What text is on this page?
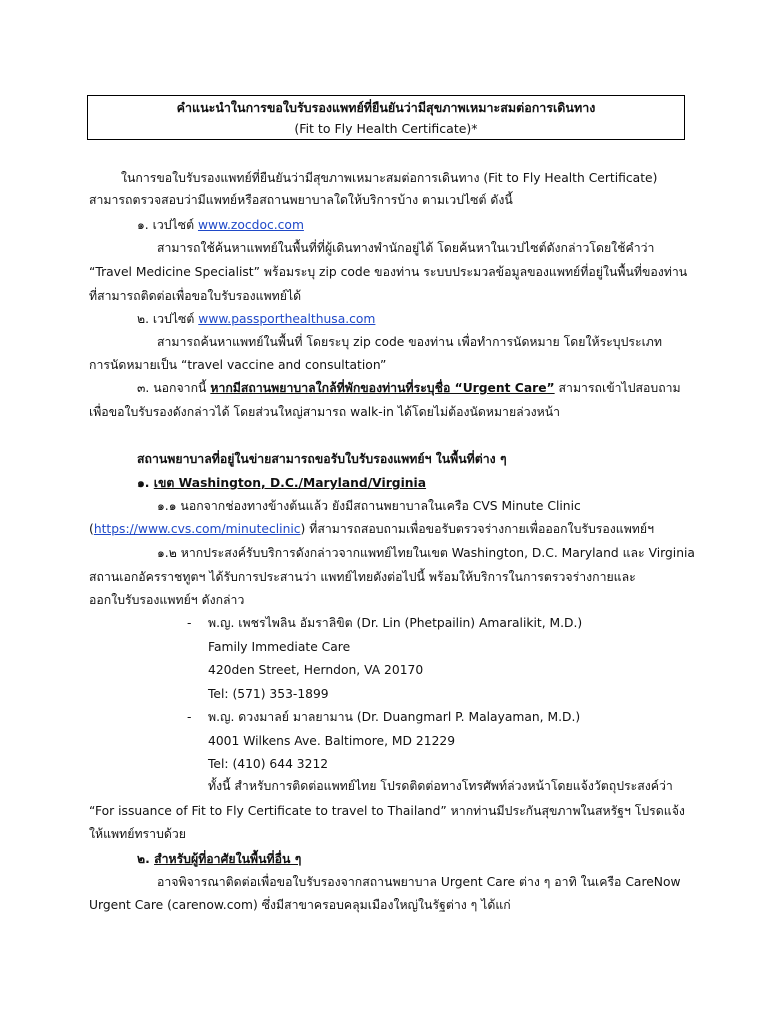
คำแนะนำในการขอใบรับรองแพทย์ที่ยืนยันว่ามีสุขภาพเหมาะสมต่อการเดินทาง
(Fit to Fly Health Certificate)*
ในการขอใบรับรองแพทย์ที่ยืนยันว่ามีสุขภาพเหมาะสมต่อการเดินทาง (Fit to Fly Health Certificate)
สามารถตรวจสอบว่ามีแพทย์หรือสถานพยาบาลใดให้บริการบ้าง ตามเวปไซต์ ดังนี้
๑. เวปไซต์ www.zocdoc.com
สามารถใช้ค้นหาแพทย์ในพื้นที่ที่ผู้เดินทางพำนักอยู่ได้ โดยค้นหาในเวปไซต์ดังกล่าวโดยใช้คำว่า
“Travel Medicine Specialist” พร้อมระบุ zip code ของท่าน ระบบประมวลข้อมูลของแพทย์ที่อยู่ในพื้นที่ของท่าน
ที่สามารถติดต่อเพื่อขอใบรับรองแพทย์ได้
๒. เวปไซต์ www.passporthealthusa.com
สามารถค้นหาแพทย์ในพื้นที่ โดยระบุ zip code ของท่าน เพื่อทำการนัดหมาย โดยให้ระบุประเภท
การนัดหมายเป็น “travel vaccine and consultation”
๓. นอกจากนี้ หากมีสถานพยาบาลใกล้ที่พักของท่านที่ระบุชื่อ “Urgent Care” สามารถเข้าไปสอบถาม
เพื่อขอใบรับรองดังกล่าวได้ โดยส่วนใหญ่สามารถ walk-in ได้โดยไม่ต้องนัดหมายล่วงหน้า
สถานพยาบาลที่อยู่ในข่ายสามารถขอรับใบรับรองแพทย์ฯ ในพื้นที่ต่าง ๆ
๑. เขต Washington, D.C./Maryland/Virginia
๑.๑ นอกจากช่องทางข้างต้นแล้ว ยังมีสถานพยาบาลในเครือ CVS Minute Clinic
(https://www.cvs.com/minuteclinic) ที่สามารถสอบถามเพื่อขอรับตรวจร่างกายเพื่อออกใบรับรองแพทย์ฯ
๑.๒ หากประสงค์รับบริการดังกล่าวจากแพทย์ไทยในเขต Washington, D.C. Maryland และ Virginia
สถานเอกอัครราชทูตฯ ได้รับการประสานว่า แพทย์ไทยดังต่อไปนี้ พร้อมให้บริการในการตรวจร่างกายและ
ออกใบรับรองแพทย์ฯ ดังกล่าว
- พ.ญ. เพชรไพลิน อัมราลิขิต (Dr. Lin (Phetpailin) Amaralikit, M.D.)
Family Immediate Care
420den Street, Herndon, VA 20170
Tel: (571) 353-1899
- พ.ญ. ดวงมาลย์ มาลยามาน (Dr. Duangmarl P. Malayaman, M.D.)
4001 Wilkens Ave. Baltimore, MD 21229
Tel: (410) 644 3212
ทั้งนี้ สำหรับการติดต่อแพทย์ไทย โปรดติดต่อทางโทรศัพท์ล่วงหน้าโดยแจ้งวัตถุประสงค์ว่า
“For issuance of Fit to Fly Certificate to travel to Thailand” หากท่านมีประกันสุขภาพในสหรัฐฯ โปรดแจ้ง
ให้แพทย์ทราบด้วย
๒. สำหรับผู้ที่อาศัยในพื้นที่อื่น ๆ
อาจพิจารณาติดต่อเพื่อขอใบรับรองจากสถานพยาบาล Urgent Care ต่าง ๆ อาทิ ในเครือ CareNow
Urgent Care (carenow.com) ซึ่งมีสาขาครอบคลุมเมืองใหญ่ในรัฐต่าง ๆ ได้แก่
